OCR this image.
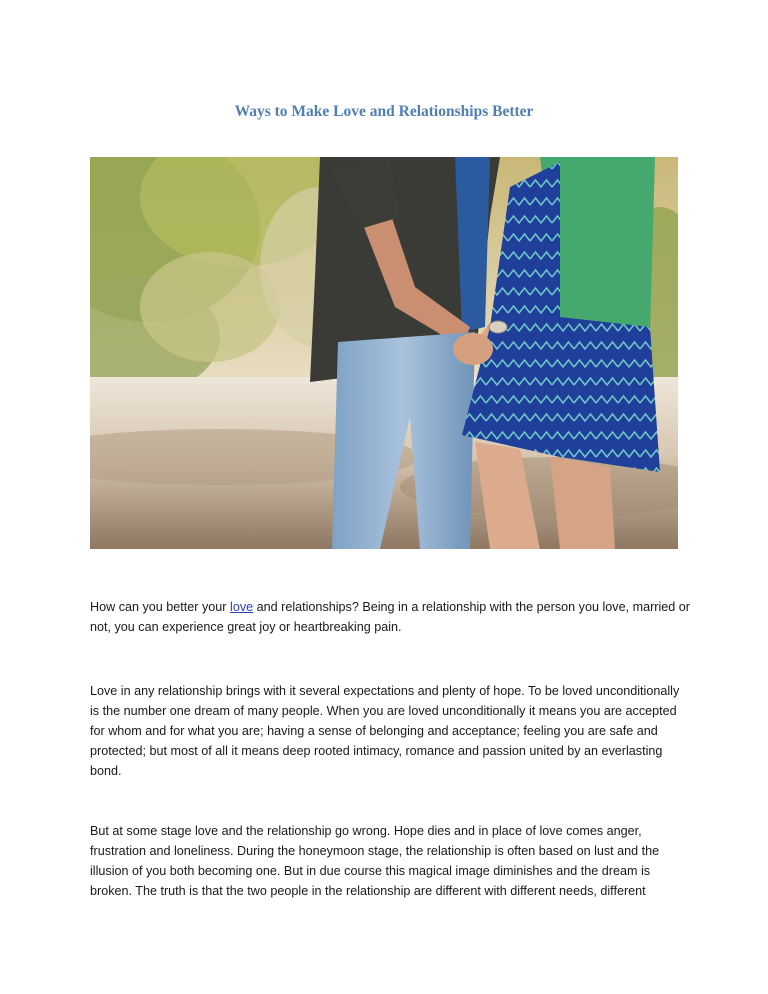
Ways to Make Love and Relationships Better

How can you better your love and relationships? Being in a relationship with the person you love, married or not, you can experience great joy or heartbreaking pain.

Love in any relationship brings with it several expectations and plenty of hope. To be loved unconditionally is the number one dream of many people. When you are loved unconditionally it means you are accepted for whom and for what you are; having a sense of belonging and acceptance; feeling you are safe and protected; but most of all it means deep rooted intimacy, romance and passion united by an everlasting bond.

But at some stage love and the relationship go wrong. Hope dies and in place of love comes anger, frustration and loneliness. During the honeymoon stage, the relationship is often based on lust and the illusion of you both becoming one. But in due course this magical image diminishes and the dream is broken. The truth is that the two people in the relationship are different with different needs, different
